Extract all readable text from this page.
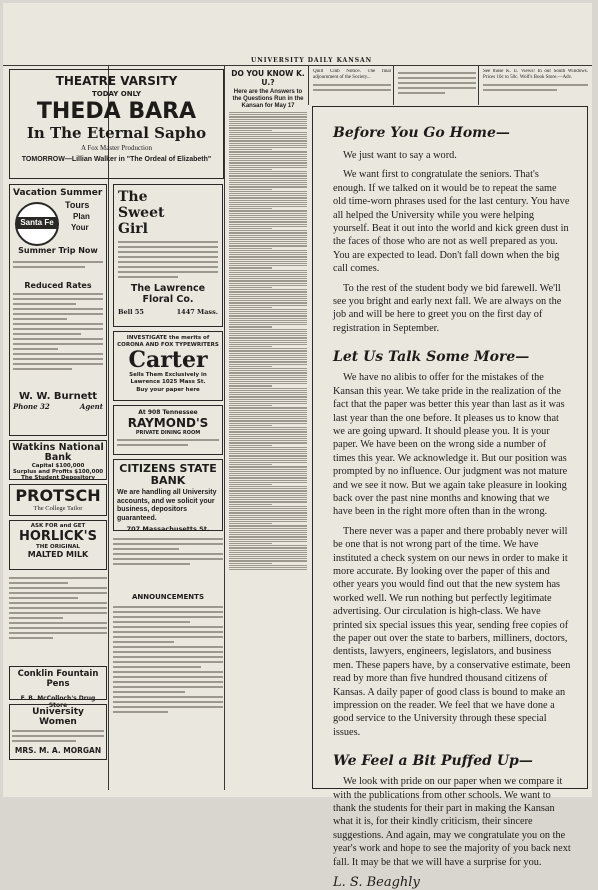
UNIVERSITY DAILY KANSAN
THEATRE VARSITY
TODAY ONLY
THEDA BARA
In The Eternal Sapho
A Fox Master Production
TOMORROW—Lillian Walker in "The Ordeal of Elizabeth"
Vacation Summer
Santa Fe
Tours
Plan
Your
Summer Trip Now
Reduced Rates
W. W. Burnett
Phone 32	Agent
The
Sweet
Girl
The Lawrence Floral Co.
Bell 55	1447 Mass.
INVESTIGATE the merits of CORONA AND FOX TYPEWRITERS
Carter
Sells Them Exclusively in Lawrence 1025 Mass St.
Buy your paper here
At 908 Tennessee
RAYMOND'S
PRIVATE DINING ROOM
CITIZENS STATE BANK
We are handling all University accounts, and we solicit your business, depositors guaranteed.
707 Massachusetts St.
ANNOUNCEMENTS
Watkins National Bank
Capital $100,000
Surplus and Profits $100,000
The Student Depository
PROTSCH
The College Tailor
ASK FOR and GET
HORLICK'S
THE ORIGINAL
MALTED MILK
Conklin Fountain Pens
F. B. McColloch's Drug Store
University Women
MRS. M. A. MORGAN
DO YOU KNOW K. U.?
Here are the Answers to the Questions Run in the Kansan for May 17

Quill Club Notice. The final adjournment of the Society...

See those K. U. Views! In our South Windows. Prices 10c to 50c. Wolf's Book Store.—Adv.

Before You Go Home—

We just want to say a word.

We want first to congratulate the seniors. That's enough. If we talked on it would be to repeat the same old time-worn phrases used for the last century. You have all helped the University while you were helping yourself. Beat it out into the world and kick green dust in the faces of those who are not as well prepared as you. You are expected to lead. Don't fall down when the big call comes.

To the rest of the student body we bid farewell. We'll see you bright and early next fall. We are always on the job and will be here to greet you on the first day of registration in September.

Let Us Talk Some More—

We have no alibis to offer for the mistakes of the Kansan this year. We take pride in the realization of the fact that the paper was better this year than last as it was last year than the one before. It pleases us to know that we are going upward. It should please you. It is your paper. We have been on the wrong side a number of times this year. We acknowledge it. But our position was prompted by no influence. Our judgment was not mature and we see it now. But we again take pleasure in looking back over the past nine months and knowing that we have been in the right more often than in the wrong.

There never was a paper and there probably never will be one that is not wrong part of the time. We have instituted a check system on our news in order to make it more accurate. By looking over the paper of this and other years you would find out that the new system has worked well. We run nothing but perfectly legitimate advertising. Our circulation is high-class. We have printed six special issues this year, sending free copies of the paper out over the state to barbers, milliners, doctors, dentists, lawyers, engineers, legislators, and business men. These papers have, by a conservative estimate, been read by more than five hundred thousand citizens of Kansas. A daily paper of good class is bound to make an impression on the reader. We feel that we have done a good service to the University through these special issues.

We Feel a Bit Puffed Up—

We look with pride on our paper when we compare it with the publications from other schools. We want to thank the students for their part in making the Kansan what it is, for their kindly criticism, their sincere suggestions. And again, may we congratulate you on the year's work and hope to see the majority of you back next fall. It may be that we will have a surprise for you.

L. S. Beaghly
